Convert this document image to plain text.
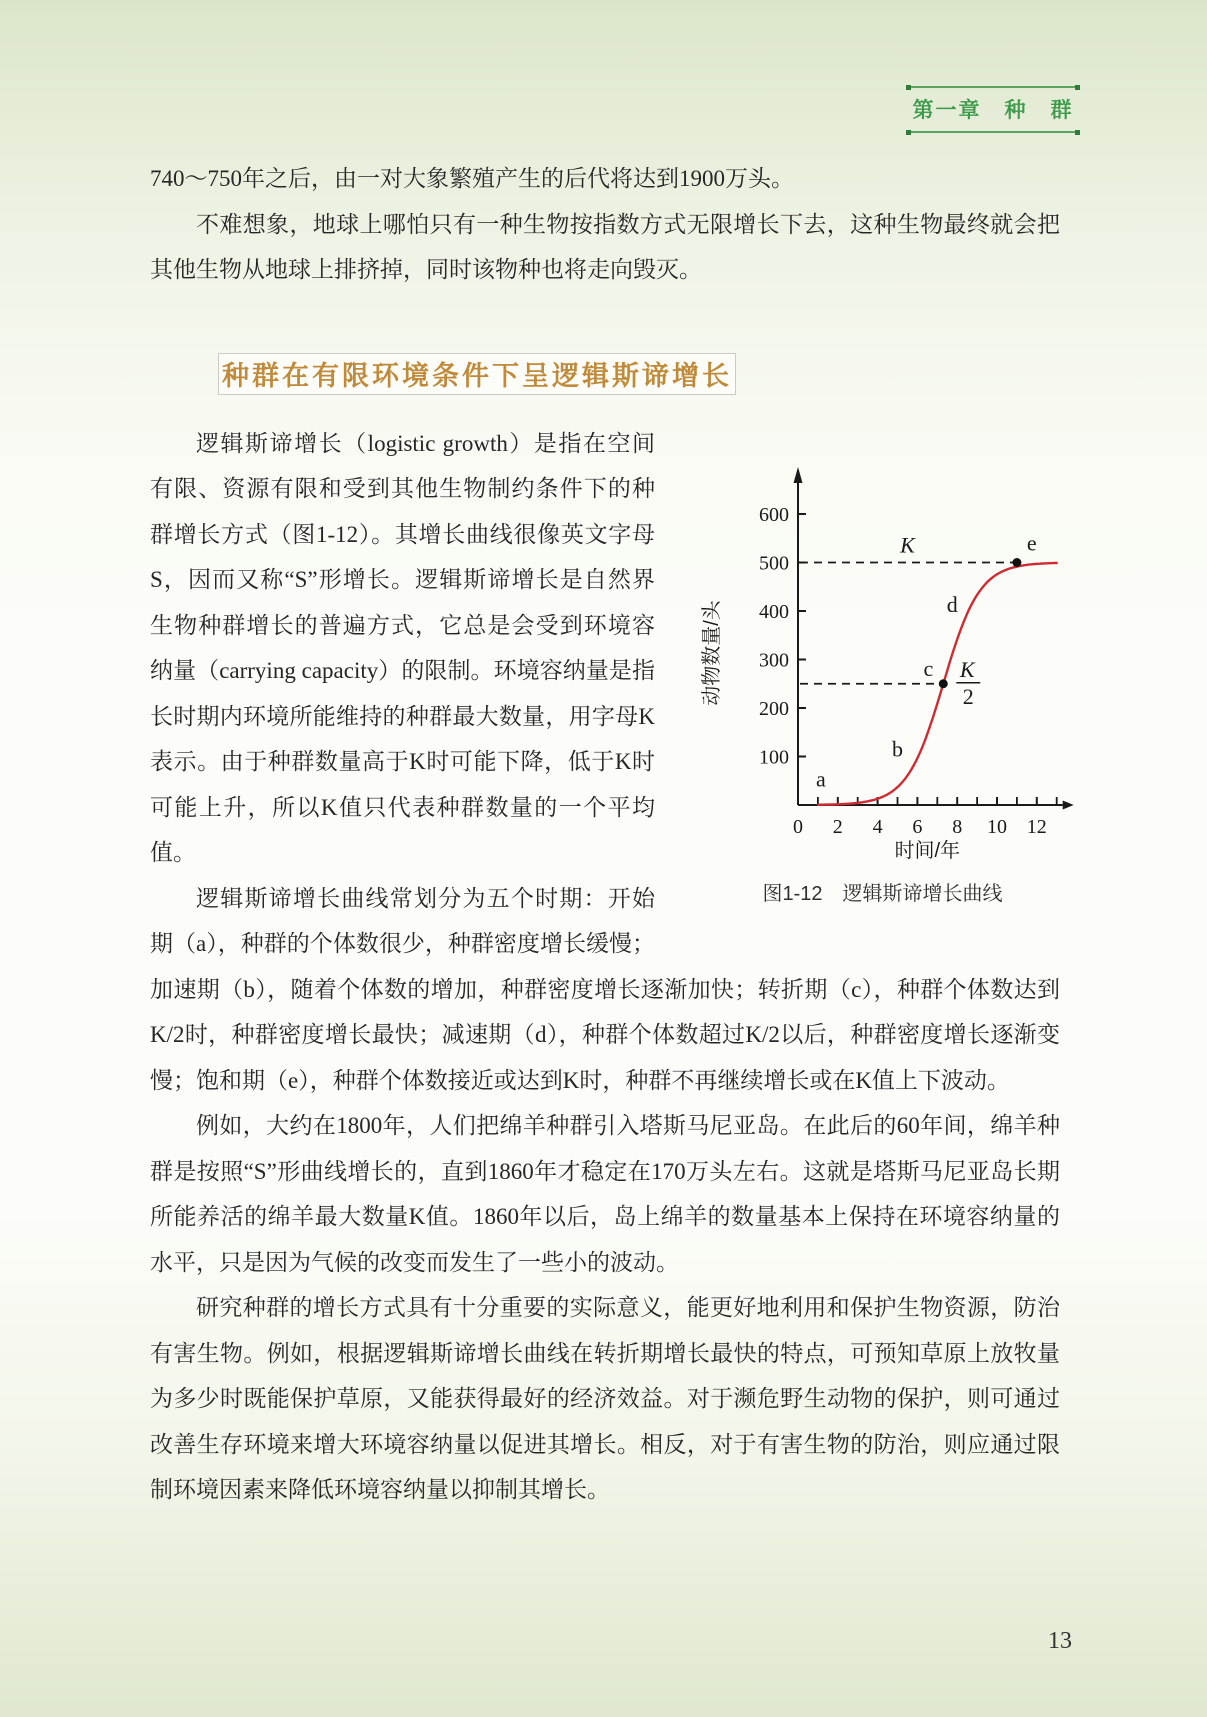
第一章　种　群

740～750年之后，由一对大象繁殖产生的后代将达到1900万头。

不难想象，地球上哪怕只有一种生物按指数方式无限增长下去，这种生物最终就会把其他生物从地球上排挤掉，同时该物种也将走向毁灭。

种群在有限环境条件下呈逻辑斯谛增长
100
200
300
400
500
600
0 2 4 6 8 10 12
时间/年
动物数量/头
K
c K
2
e
a
b
d
图1-12　逻辑斯谛增长曲线

逻辑斯谛增长（logistic growth）是指在空间有限、资源有限和受到其他生物制约条件下的种群增长方式（图1-12）。其增长曲线很像英文字母S，因而又称“S”形增长。逻辑斯谛增长是自然界生物种群增长的普遍方式，它总是会受到环境容纳量（carrying capacity）的限制。环境容纳量是指长时期内环境所能维持的种群最大数量，用字母K表示。由于种群数量高于K时可能下降，低于K时可能上升，所以K值只代表种群数量的一个平均值。

逻辑斯谛增长曲线常划分为五个时期：开始期（a），种群的个体数很少，种群密度增长缓慢；加速期（b），随着个体数的增加，种群密度增长逐渐加快；转折期（c），种群个体数达到K/2时，种群密度增长最快；减速期（d），种群个体数超过K/2以后，种群密度增长逐渐变慢；饱和期（e），种群个体数接近或达到K时，种群不再继续增长或在K值上下波动。

例如，大约在1800年，人们把绵羊种群引入塔斯马尼亚岛。在此后的60年间，绵羊种群是按照“S”形曲线增长的，直到1860年才稳定在170万头左右。这就是塔斯马尼亚岛长期所能养活的绵羊最大数量K值。1860年以后，岛上绵羊的数量基本上保持在环境容纳量的水平，只是因为气候的改变而发生了一些小的波动。

研究种群的增长方式具有十分重要的实际意义，能更好地利用和保护生物资源，防治有害生物。例如，根据逻辑斯谛增长曲线在转折期增长最快的特点，可预知草原上放牧量为多少时既能保护草原，又能获得最好的经济效益。对于濒危野生动物的保护，则可通过改善生存环境来增大环境容纳量以促进其增长。相反，对于有害生物的防治，则应通过限制环境因素来降低环境容纳量以抑制其增长。

13
